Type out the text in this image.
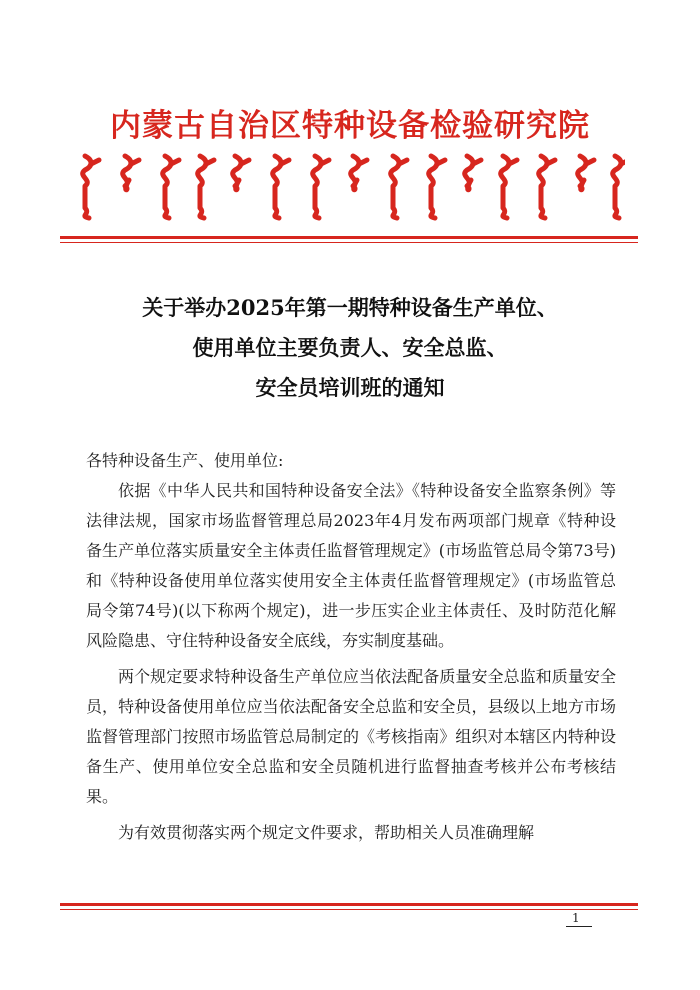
内蒙古自治区特种设备检验研究院
关于举办2025年第一期特种设备生产单位、
使用单位主要负责人、安全总监、
安全员培训班的通知

各特种设备生产、使用单位:

依据《中华人民共和国特种设备安全法》《特种设备安全监察条例》等法律法规，国家市场监督管理总局2023年4月发布两项部门规章《特种设备生产单位落实质量安全主体责任监督管理规定》(市场监管总局令第73号)和《特种设备使用单位落实使用安全主体责任监督管理规定》(市场监管总局令第74号)(以下称两个规定)，进一步压实企业主体责任、及时防范化解风险隐患、守住特种设备安全底线，夯实制度基础。

两个规定要求特种设备生产单位应当依法配备质量安全总监和质量安全员，特种设备使用单位应当依法配备安全总监和安全员，县级以上地方市场监督管理部门按照市场监管总局制定的《考核指南》组织对本辖区内特种设备生产、使用单位安全总监和安全员随机进行监督抽查考核并公布考核结果。

为有效贯彻落实两个规定文件要求，帮助相关人员准确理解

1
